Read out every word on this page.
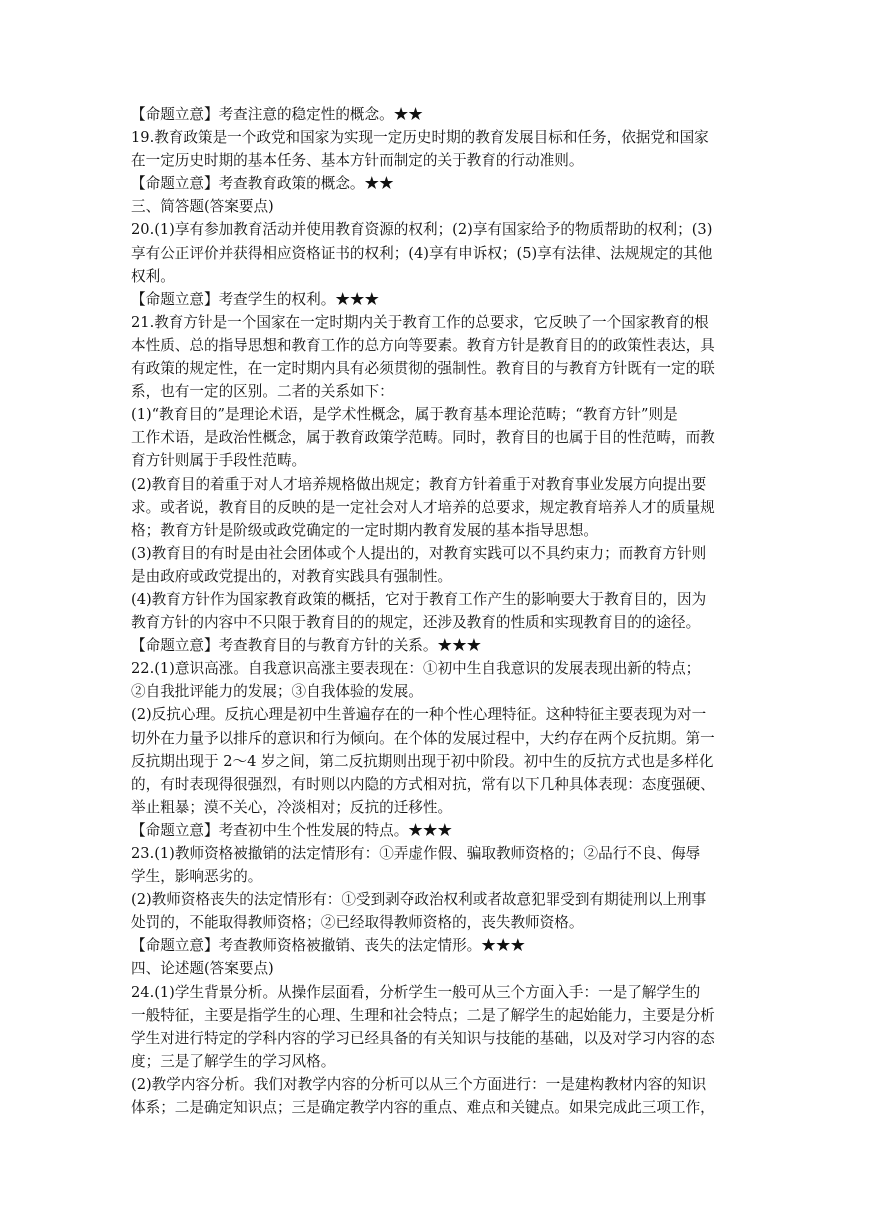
【命题立意】考查注意的稳定性的概念。★★
19.教育政策是一个政党和国家为实现一定历史时期的教育发展目标和任务，依据党和国家
在一定历史时期的基本任务、基本方针而制定的关于教育的行动准则。
【命题立意】考查教育政策的概念。★★
三、简答题(答案要点)
20.(1)享有参加教育活动并使用教育资源的权利；(2)享有国家给予的物质帮助的权利；(3)
享有公正评价并获得相应资格证书的权利；(4)享有申诉权；(5)享有法律、法规规定的其他
权利。
【命题立意】考查学生的权利。★★★
21.教育方针是一个国家在一定时期内关于教育工作的总要求，它反映了一个国家教育的根
本性质、总的指导思想和教育工作的总方向等要素。教育方针是教育目的的政策性表达，具
有政策的规定性，在一定时期内具有必须贯彻的强制性。教育目的与教育方针既有一定的联
系，也有一定的区别。二者的关系如下：
(1)“教育目的”是理论术语，是学术性概念，属于教育基本理论范畴；“教育方针”则是
工作术语，是政治性概念，属于教育政策学范畴。同时，教育目的也属于目的性范畴，而教
育方针则属于手段性范畴。
(2)教育目的着重于对人才培养规格做出规定；教育方针着重于对教育事业发展方向提出要
求。或者说，教育目的反映的是一定社会对人才培养的总要求，规定教育培养人才的质量规
格；教育方针是阶级或政党确定的一定时期内教育发展的基本指导思想。
(3)教育目的有时是由社会团体或个人提出的，对教育实践可以不具约束力；而教育方针则
是由政府或政党提出的，对教育实践具有强制性。
(4)教育方针作为国家教育政策的概括，它对于教育工作产生的影响要大于教育目的，因为
教育方针的内容中不只限于教育目的的规定，还涉及教育的性质和实现教育目的的途径。
【命题立意】考查教育目的与教育方针的关系。★★★
22.(1)意识高涨。自我意识高涨主要表现在：①初中生自我意识的发展表现出新的特点；
②自我批评能力的发展；③自我体验的发展。
(2)反抗心理。反抗心理是初中生普遍存在的一种个性心理特征。这种特征主要表现为对一
切外在力量予以排斥的意识和行为倾向。在个体的发展过程中，大约存在两个反抗期。第一
反抗期出现于 2～4 岁之间，第二反抗期则出现于初中阶段。初中生的反抗方式也是多样化
的，有时表现得很强烈，有时则以内隐的方式相对抗，常有以下几种具体表现：态度强硬、
举止粗暴；漠不关心，冷淡相对；反抗的迁移性。
【命题立意】考查初中生个性发展的特点。★★★
23.(1)教师资格被撤销的法定情形有：①弄虚作假、骗取教师资格的；②品行不良、侮辱
学生，影响恶劣的。
(2)教师资格丧失的法定情形有：①受到剥夺政治权利或者故意犯罪受到有期徒刑以上刑事
处罚的，不能取得教师资格；②已经取得教师资格的，丧失教师资格。
【命题立意】考查教师资格被撤销、丧失的法定情形。★★★
四、论述题(答案要点)
24.(1)学生背景分析。从操作层面看，分析学生一般可从三个方面入手：一是了解学生的
一般特征，主要是指学生的心理、生理和社会特点；二是了解学生的起始能力，主要是分析
学生对进行特定的学科内容的学习已经具备的有关知识与技能的基础，以及对学习内容的态
度；三是了解学生的学习风格。
(2)教学内容分析。我们对教学内容的分析可以从三个方面进行：一是建构教材内容的知识
体系；二是确定知识点；三是确定教学内容的重点、难点和关键点。如果完成此三项工作，
